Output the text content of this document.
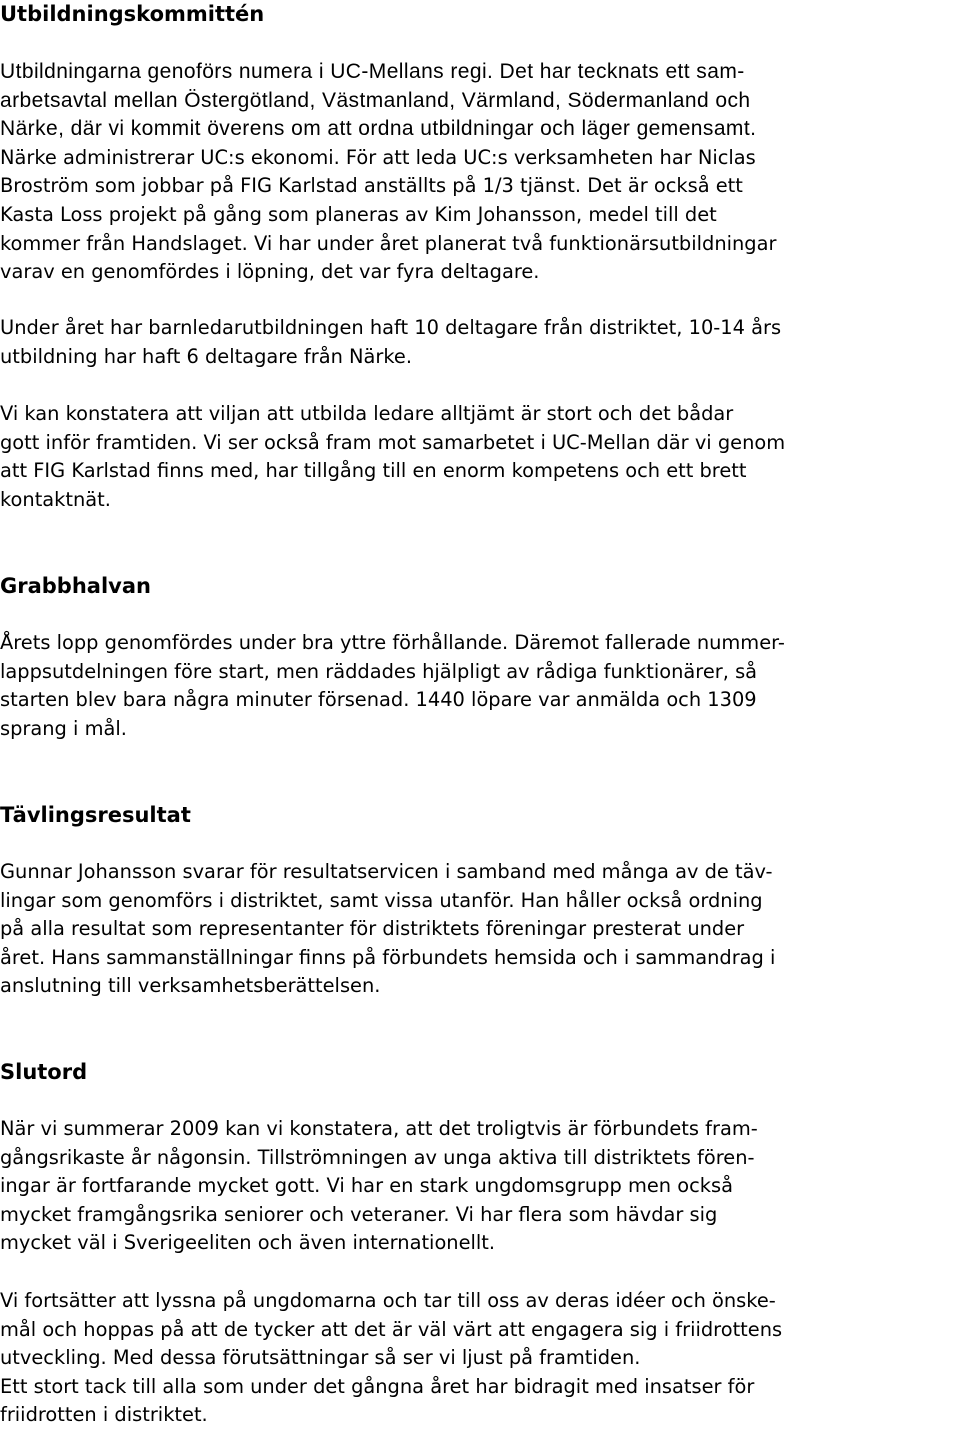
Utbildningskommittén
Utbildningarna genoförs numera i UC-Mellans regi. Det har tecknats ett sam-
arbetsavtal mellan Östergötland, Västmanland, Värmland, Södermanland och
Närke, där vi kommit överens om att ordna utbildningar och läger gemensamt.
Närke administrerar UC:s ekonomi. För att leda UC:s verksamheten har Niclas
Broström som jobbar på FIG Karlstad anställts på 1/3 tjänst. Det är också ett
Kasta Loss projekt på gång som planeras av Kim Johansson, medel till det
kommer från Handslaget. Vi har under året planerat två funktionärsutbildningar
varav en genomfördes i löpning, det var fyra deltagare.
Under året har barnledarutbildningen haft 10 deltagare från distriktet, 10-14 års
utbildning har haft 6 deltagare från Närke.
Vi kan konstatera att viljan att utbilda ledare alltjämt är stort och det bådar
gott inför framtiden. Vi ser också fram mot samarbetet i UC-Mellan där vi genom
att FIG Karlstad finns med, har tillgång till en enorm kompetens och ett brett
kontaktnät.
Grabbhalvan
Årets lopp genomfördes under bra yttre förhållande. Däremot fallerade nummer-
lappsutdelningen före start, men räddades hjälpligt av rådiga funktionärer, så
starten blev bara några minuter försenad. 1440 löpare var anmälda och 1309
sprang i mål.
Tävlingsresultat
Gunnar Johansson svarar för resultatservicen i samband med många av de täv-
lingar som genomförs i distriktet, samt vissa utanför. Han håller också ordning
på alla resultat som representanter för distriktets föreningar presterat under
året. Hans sammanställningar finns på förbundets hemsida och i sammandrag i
anslutning till verksamhetsberättelsen.
Slutord
När vi summerar 2009 kan vi konstatera, att det troligtvis är förbundets fram-
gångsrikaste år någonsin. Tillströmningen av unga aktiva till distriktets fören-
ingar är fortfarande mycket gott. Vi har en stark ungdomsgrupp men också
mycket framgångsrika seniorer och veteraner. Vi har flera som hävdar sig
mycket väl i Sverigeeliten och även internationellt.
Vi fortsätter att lyssna på ungdomarna och tar till oss av deras idéer och önske-
mål och hoppas på att de tycker att det är väl värt att engagera sig i friidrottens
utveckling. Med dessa förutsättningar så ser vi ljust på framtiden.
Ett stort tack till alla som under det gångna året har bidragit med insatser för
friidrotten i distriktet.
